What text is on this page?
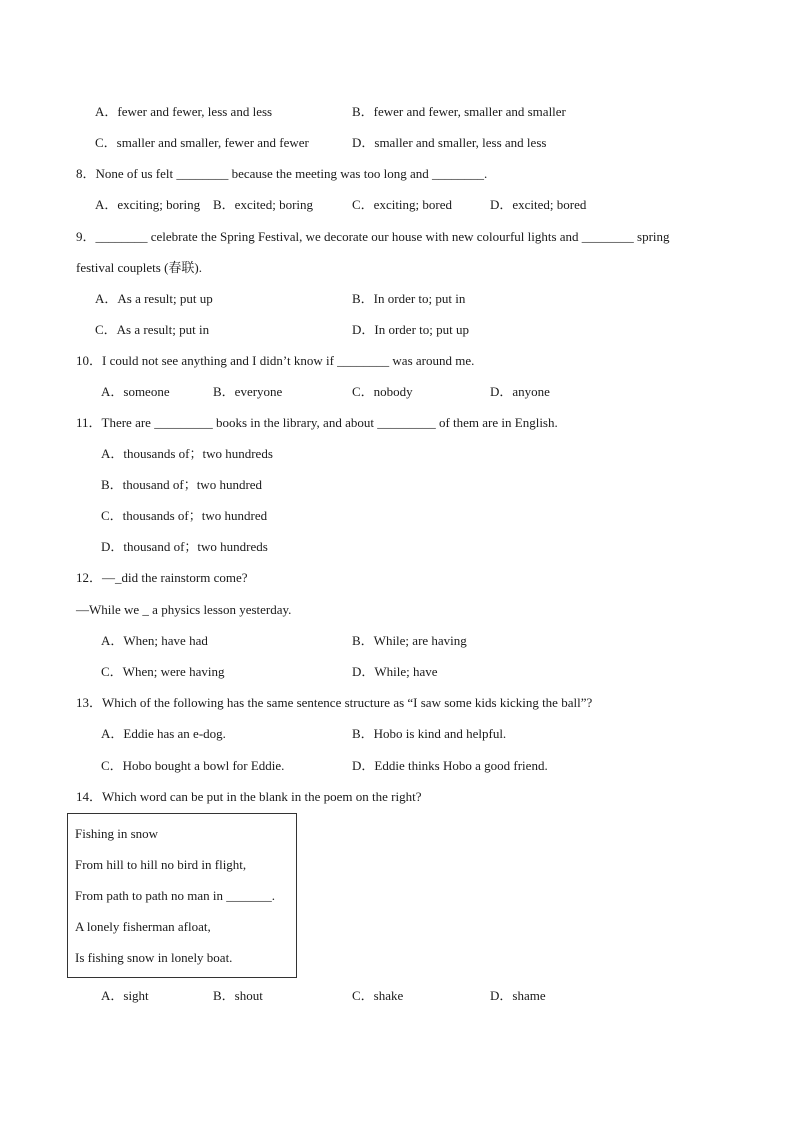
A．fewer and fewer, less and less	B．fewer and fewer, smaller and smaller
C．smaller and smaller, fewer and fewer	D．smaller and smaller, less and less
8．None of us felt ________ because the meeting was too long and ________.
A．exciting; boring B．excited; boring	C．exciting; bored	D．excited; bored
9．________ celebrate the Spring Festival, we decorate our house with new colourful lights and ________ spring
festival couplets (春联).
A．As a result; put up	B．In order to; put in
C．As a result; put in	D．In order to; put up
10．I could not see anything and I didn’t know if ________ was around me.
A．someone	B．everyone	C．nobody	D．anyone
11．There are _________ books in the library, and about _________ of them are in English.
A．thousands of；two hundreds
B．thousand of；two hundred
C．thousands of；two hundred
D．thousand of；two hundreds
12．—_did the rainstorm come?
—While we _ a physics lesson yesterday.
A．When; have had	B．While; are having
C．When; were having	D．While; have
13．Which of the following has the same sentence structure as “I saw some kids kicking the ball”?
A．Eddie has an e-dog.	B．Hobo is kind and helpful.
C．Hobo bought a bowl for Eddie.	D．Eddie thinks Hobo a good friend.
14．Which word can be put in the blank in the poem on the right?
Fishing in snow
From hill to hill no bird in flight,
From path to path no man in _______.
A lonely fisherman afloat,
Is fishing snow in lonely boat.
A．sight	B．shout	C．shake	D．shame
